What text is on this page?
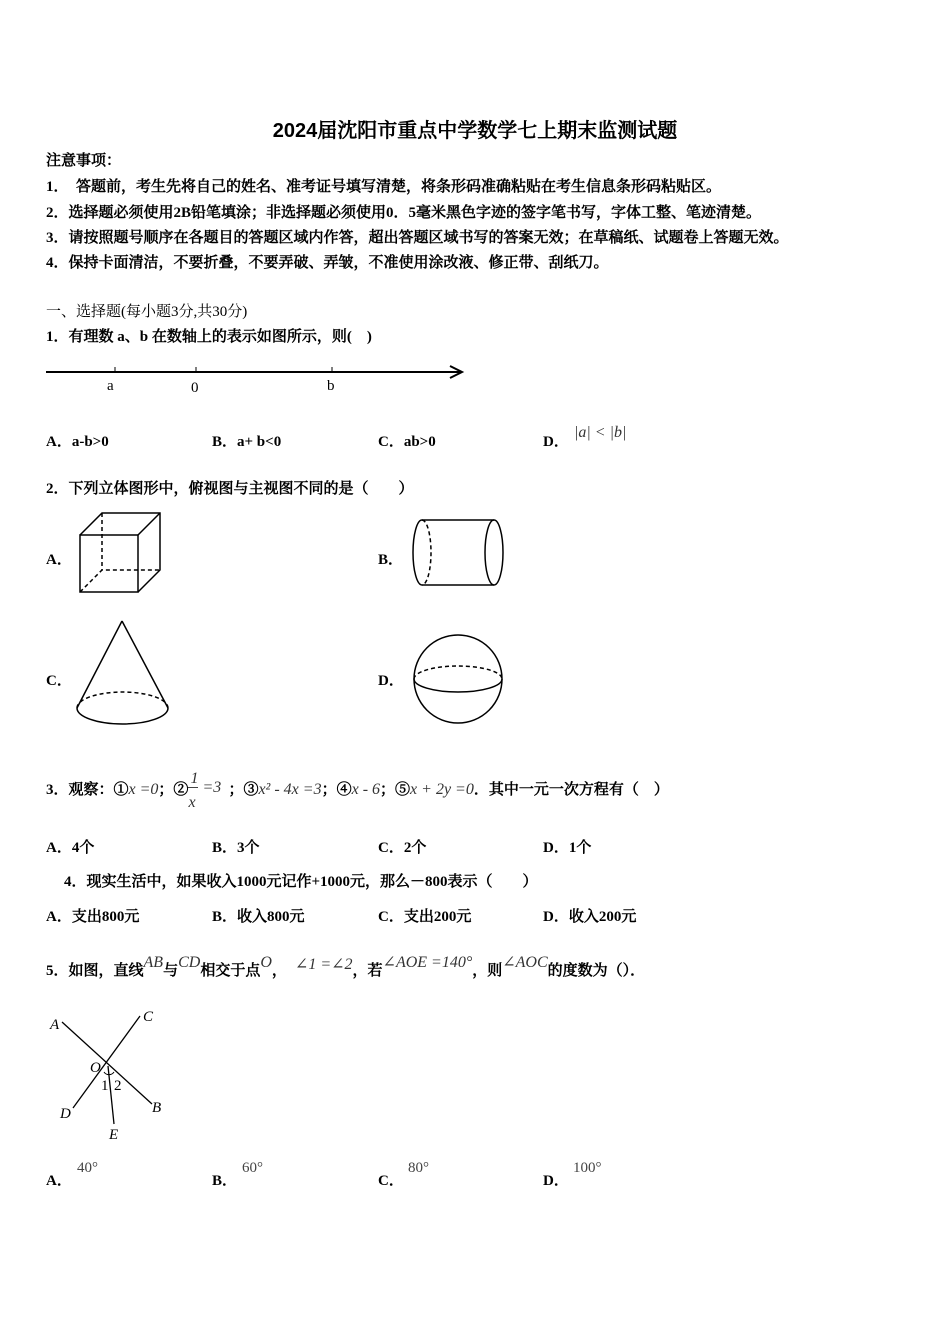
2024届沈阳市重点中学数学七上期末监测试题
注意事项：
1．　答题前，考生先将自己的姓名、准考证号填写清楚，将条形码准确粘贴在考生信息条形码粘贴区。
2．选择题必须使用2B铅笔填涂；非选择题必须使用0．5毫米黑色字迹的签字笔书写，字体工整、笔迹清楚。
3．请按照题号顺序在各题目的答题区域内作答，超出答题区域书写的答案无效；在草稿纸、试题卷上答题无效。
4．保持卡面清洁，不要折叠，不要弄破、弄皱，不准使用涂改液、修正带、刮纸刀。
一、选择题(每小题3分,共30分)
1．有理数 a、b 在数轴上的表示如图所示，则(　)
a	0	b
A．a-b>0	B．a+ b<0	C．ab>0	D．
|a| < |b|
2．下列立体图形中，俯视图与主视图不同的是（　　）
A．	B．
C．	D．
3．观察：①x =0；②
1
x
=3 ；③x² - 4x =3；④x - 6；⑤x + 2y =0．其中一元一次方程有（　）
A．4个	B．3个	C．2个	D．1个
4．现实生活中，如果收入1000元记作+1000元，那么－800表示（　　）
A．支出800元	B．收入800元	C．支出200元	D．收入200元
5．如图，直线AB与CD相交于点O， ∠1 =∠2，若∠AOE =140°，则∠AOC的度数为（）．
A	C
O
1 2
D	B
E
A．
40°
B．
60°
C．
80°
D．
100°
